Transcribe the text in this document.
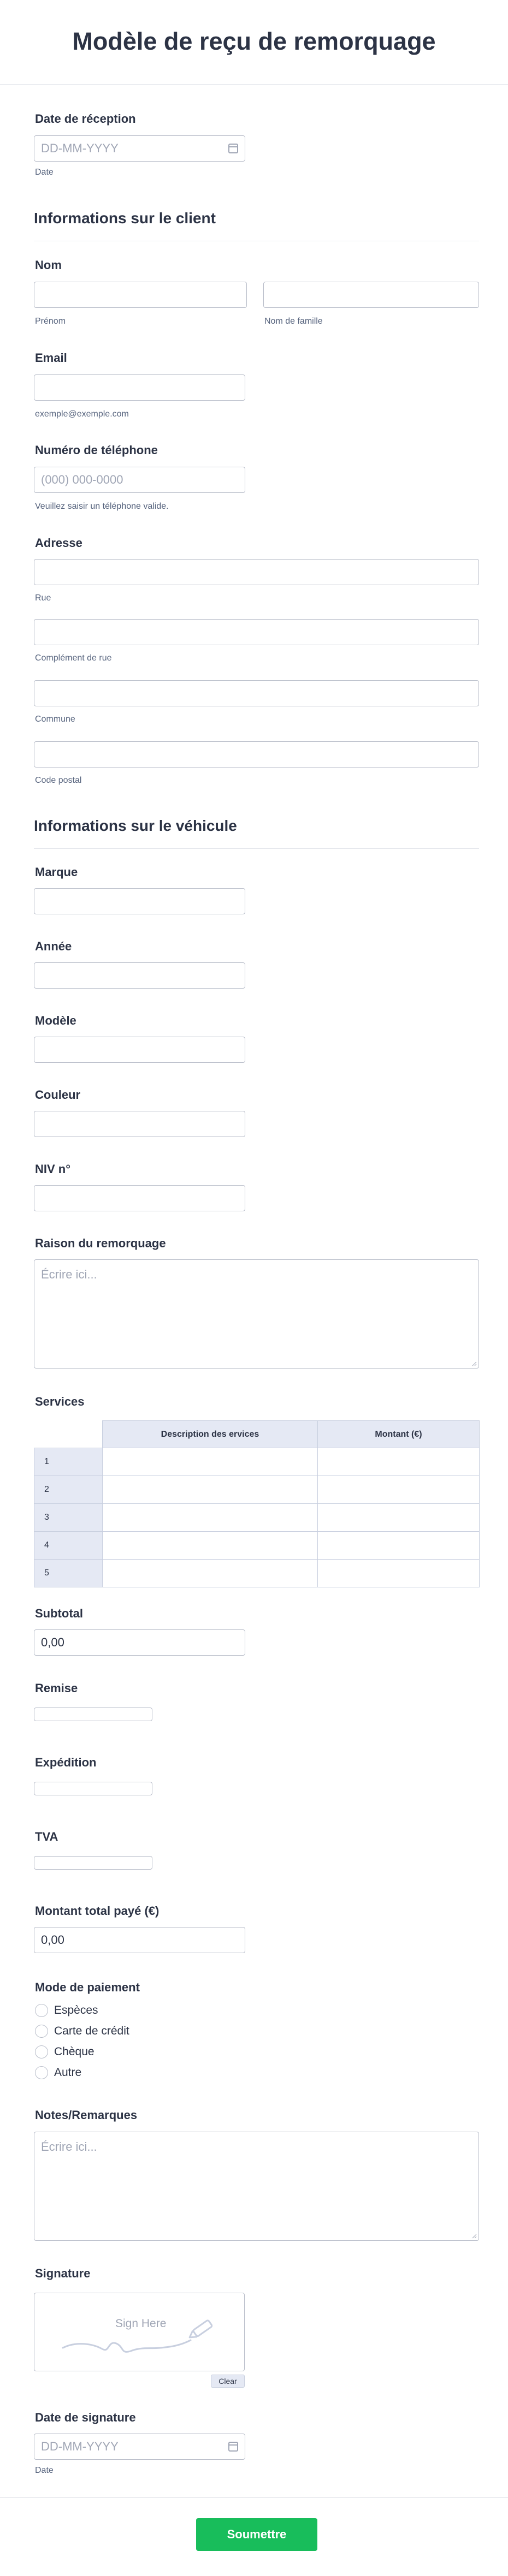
Modèle de reçu de remorquage
Date de réception
DD-MM-YYYY
Date
Informations sur le client
Nom
Prénom	Nom de famille
Email
exemple@exemple.com
Numéro de téléphone
(000) 000-0000
Veuillez saisir un téléphone valide.
Adresse
Rue
Complément de rue
Commune
Code postal
Informations sur le véhicule
Marque
Année
Modèle
Couleur
NIV n°
Raison du remorquage
Écrire ici...
Services
	Description des ervices	Montant (€)
1		
2		
3		
4		
5		
Subtotal
0,00
Remise
Expédition
TVA
Montant total payé (€)
0,00
Mode de paiement
Espèces
Carte de crédit
Chèque
Autre
Notes/Remarques
Écrire ici...
Signature
Sign Here
Clear
Date de signature
DD-MM-YYYY
Date
Soumettre
